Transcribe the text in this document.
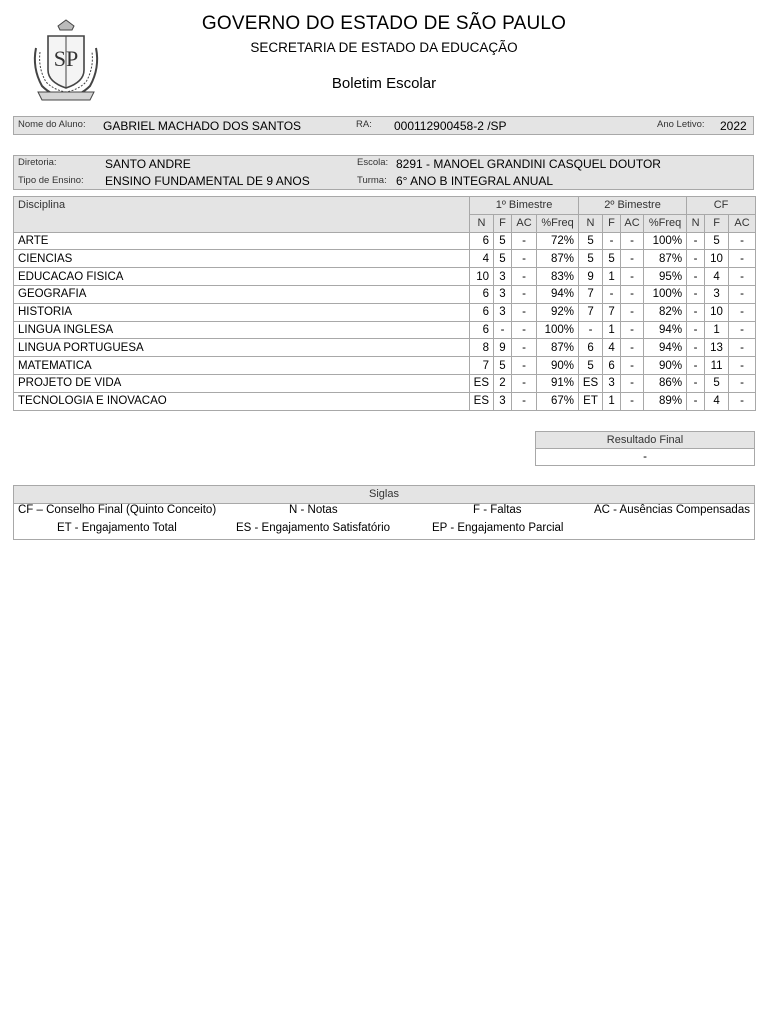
SP
GOVERNO DO ESTADO DE SÃO PAULO
SECRETARIA DE ESTADO DA EDUCAÇÃO
Boletim Escolar
Nome do Aluno: GABRIEL MACHADO DOS SANTOS	RA: 000112900458-2 /SP	Ano Letivo: 2022
Diretoria:	SANTO ANDRE	Escola: 8291 - MANOEL GRANDINI CASQUEL DOUTOR
Tipo de Ensino: ENSINO FUNDAMENTAL DE 9 ANOS	Turma: 6° ANO B INTEGRAL ANUAL
Disciplina	1º Bimestre				2º Bimestre				CF		
	N	F	AC	%Freq	N	F	AC	%Freq	N	F	AC
ARTE	6	5	-	72%	5	-	-	100%	-	5	-
CIENCIAS	4	5	-	87%	5	5	-	87%	-	10	-
EDUCACAO FISICA	10	3	-	83%	9	1	-	95%	-	4	-
GEOGRAFIA	6	3	-	94%	7	-	-	100%	-	3	-
HISTORIA	6	3	-	92%	7	7	-	82%	-	10	-
LINGUA INGLESA	6	-	-	100%	-	1	-	94%	-	1	-
LINGUA PORTUGUESA	8	9	-	87%	6	4	-	94%	-	13	-
MATEMATICA	7	5	-	90%	5	6	-	90%	-	11	-
PROJETO DE VIDA	ES	2	-	91%	ES	3	-	86%	-	5	-
TECNOLOGIA E INOVACAO	ES	3	-	67%	ET	1	-	89%	-	4	-
Resultado Final
-
Siglas
CF – Conselho Final (Quinto Conceito)	N - Notas	F - Faltas	AC - Ausências Compensadas
ET - Engajamento Total	ES - Engajamento Satisfatório	EP - Engajamento Parcial
